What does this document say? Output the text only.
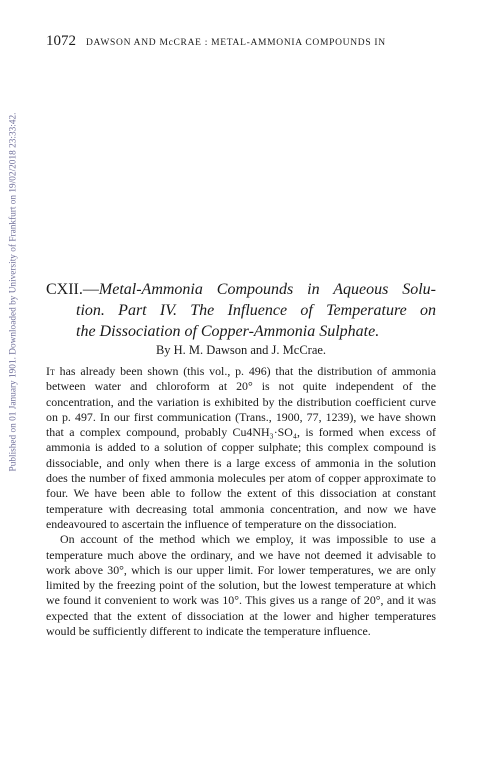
1072 DAWSON AND McCRAE : METAL-AMMONIA COMPOUNDS IN
Published on 01 January 1901. Downloaded by University of Frankfurt on 19/02/2018 23:33:42. CXII.—Metal-Ammonia Compounds in Aqueous Solu-
tion. Part IV. The Influence of Temperature on
the Dissociation of Copper-Ammonia Sulphate.
By H. M. Dawson and J. McCrae.

It has already been shown (this vol., p. 496) that the distribution of ammonia between water and chloroform at 20° is not quite independent of the concentration, and the variation is exhibited by the distribution coefficient curve on p. 497. In our first communication (Trans., 1900, 77, 1239), we have shown that a complex compound, probably Cu4NH₃·SO₄, is formed when excess of ammonia is added to a solution of copper sulphate; this complex compound is dissociable, and only when there is a large excess of ammonia in the solution does the number of fixed ammonia molecules per atom of copper approximate to four. We have been able to follow the extent of this dissociation at constant temperature with decreasing total ammonia concentration, and now we have endeavoured to ascertain the influence of temperature on the dissociation.

On account of the method which we employ, it was impossible to use a temperature much above the ordinary, and we have not deemed it advisable to work above 30°, which is our upper limit. For lower temperatures, we are only limited by the freezing point of the solution, but the lowest temperature at which we found it convenient to work was 10°. This gives us a range of 20°, and it was expected that the extent of dissociation at the lower and higher temperatures would be sufficiently different to indicate the temperature influence.
